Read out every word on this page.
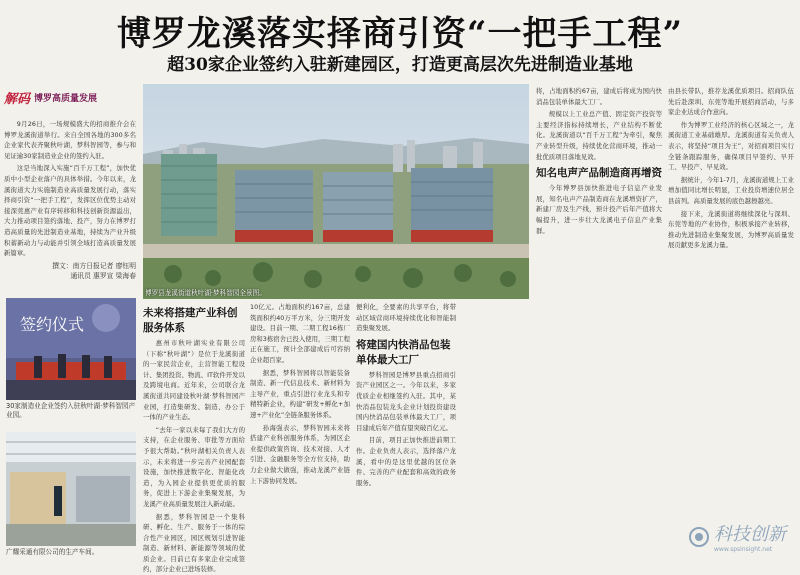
博罗龙溪落实择商引资“一把手工程”
超30家企业签约入驻新建园区，打造更高层次先进制造业基地
解码 博罗高质量发展

9月26日，一场规模盛大的招商推介会在博罗龙溪街道举行。来自全国各地的300多名企业家代表齐聚秋叶湖，梦科智园等，参与和见证逾30家制造业企业的签约入驻。

这是当地深入实施“百千万工程”，加快优质中小型企业落户的具体举措。今年以来，龙溪街道大力实施制造业高质量发展行动，落实择商引资“一把手工程”，发挥区位优势主动对接深莞惠产业有序转移和科技创新资源溢出，大力推动项目签约落地、投产，努力在博罗打造高质量的先进制造业基地，持续为产业升级积蓄新动力与动能并引领全域打造高质量发展新篇章。

撰文：南方日报记者 廖钰明
通讯员 惠罗宣 梁海春
博罗县龙溪街道秋叶湖·梦科智园全景图。
签约仪式
30家制造业企业签约入驻秋叶湖·梦科智园产业园。
广耀采通有限公司的生产车间。
未来将搭建产业科创服务体系

惠州市秋叶湖实业有限公司（下称“秋叶湖”）是位于龙溪街道的一家民营企业，主营智能工程设计、集团投资、物流、IT软件开发以及跨境电商。近年来，公司联合龙溪街道共同建设秋叶湖·梦科智园产业园，打造集研发、制造、办公于一体的产业生态。

“去年一家以来每了我们大方的支持，在企业服务、审批等方面给予很大帮助。”秋叶湖相关负责人表示，未来将进一步完善产业园配套设施，加快推进数字化、智能化改造，为入园企业提供更优质的服务，促进上下游企业集聚发展，为龙溪产业高质量发展注入新动能。

据悉，梦科智园是一个集科研、孵化、生产、服务于一体的综合性产业园区，园区规划引进智能制造、新材料、新能源等领域的优质企业。目前已有多家企业完成签约，部分企业已进场装修。

10亿元。占地面积约167亩，总建筑面积约40万平方米，分三期开发建设。目前一期、二期工程16栋厂房和3栋宿舍已投入使用，三期工程正在施工，预计全部建成后可容纳企业超百家。

据悉，梦科智园将以智能装备制造、新一代信息技术、新材料为主导产业，重点引进行业龙头和专精特新企业，构建“研发+孵化+加速+产业化”全链条服务体系。

孙海强表示，梦科智园未来将搭建产业科创服务体系，为园区企业提供政策咨询、技术对接、人才引进、金融服务等全方位支持，助力企业做大做强，推动龙溪产业链上下游协同发展。

便利化，全要素的共享平台，将带动区域营商环境持续优化和智能制造集聚发展。

将建国内快消品包装单体最大工厂

梦科智园是博罗县重点招商引资产业园区之一。今年以来，多家优质企业相继签约入驻。其中，某快消品包装龙头企业计划投资建设国内快消品包装单体最大工厂，项目建成后年产值有望突破百亿元。

目前，项目正加快推进前期工作。企业负责人表示，选择落户龙溪，看中的是这里优越的区位条件、完善的产业配套和高效的政务服务。

将，占地面积约67亩，建成后将成为国内快消品包装单体最大工厂。

规模以上工业总产值、固定资产投资等主要经济指标持续增长，产业结构不断优化。龙溪街道以“百千万工程”为牵引，聚焦产业转型升级，持续优化营商环境，推动一批优质项目落地见效。

知名电声产品制造商再增资

今年博罗县加快推进电子信息产业发展，知名电声产品制造商在龙溪增资扩产，新建厂房及生产线，预计投产后年产值将大幅提升，进一步壮大龙溪电子信息产业集群。

由县长带队，推荐龙溪优质项目。招商队伍先后赴深圳、东莞等地开展招商活动，与多家企业达成合作意向。

作为博罗工业经济的核心区域之一，龙溪街道工业基础雄厚。龙溪街道有关负责人表示，将坚持“项目为王”，对招商项目实行全链条跟踪服务，确保项目早签约、早开工、早投产、早见效。

据统计，今年1-7月，龙溪街道规上工业增加值同比增长明显，工业投资增速位居全县前列。高质量发展的底色越擦越亮。

接下来，龙溪街道将继续深化与深圳、东莞等地的产业协作，积极承接产业转移，推动先进制造业集聚发展，为博罗高质量发展贡献更多龙溪力量。

科技创新
www.spsinsight.net
